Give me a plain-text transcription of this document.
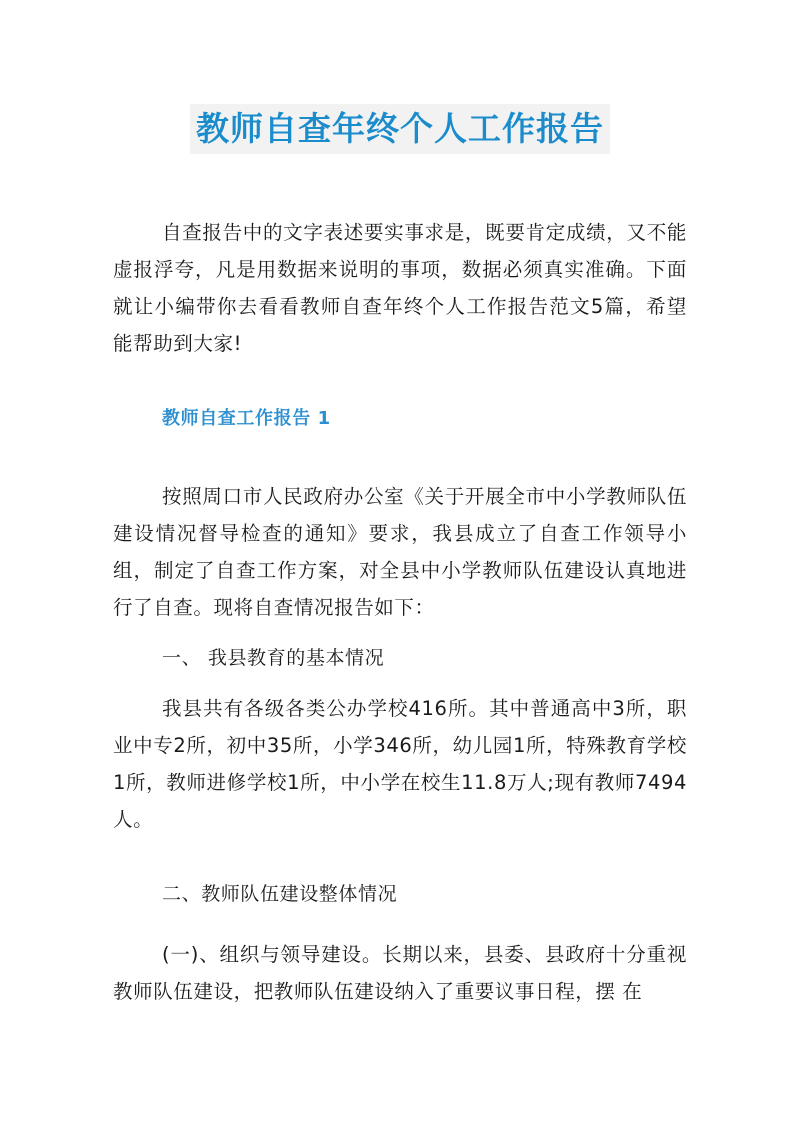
教师自查年终个人工作报告

自查报告中的文字表述要实事求是，既要肯定成绩，又不能虚报浮夸，凡是用数据来说明的事项，数据必须真实准确。下面就让小编带你去看看教师自查年终个人工作报告范文5篇，希望能帮助到大家!

教师自查工作报告 1

按照周口市人民政府办公室《关于开展全市中小学教师队伍建设情况督导检查的通知》要求，我县成立了自查工作领导小组，制定了自查工作方案，对全县中小学教师队伍建设认真地进行了自查。现将自查情况报告如下：

一、 我县教育的基本情况

我县共有各级各类公办学校416所。其中普通高中3所，职业中专2所，初中35所，小学346所，幼儿园1所，特殊教育学校1所，教师进修学校1所，中小学在校生11.8万人;现有教师7494人。

二、教师队伍建设整体情况

(一)、组织与领导建设。长期以来，县委、县政府十分重视教师队伍建设，把教师队伍建设纳入了重要议事日程，摆 在
